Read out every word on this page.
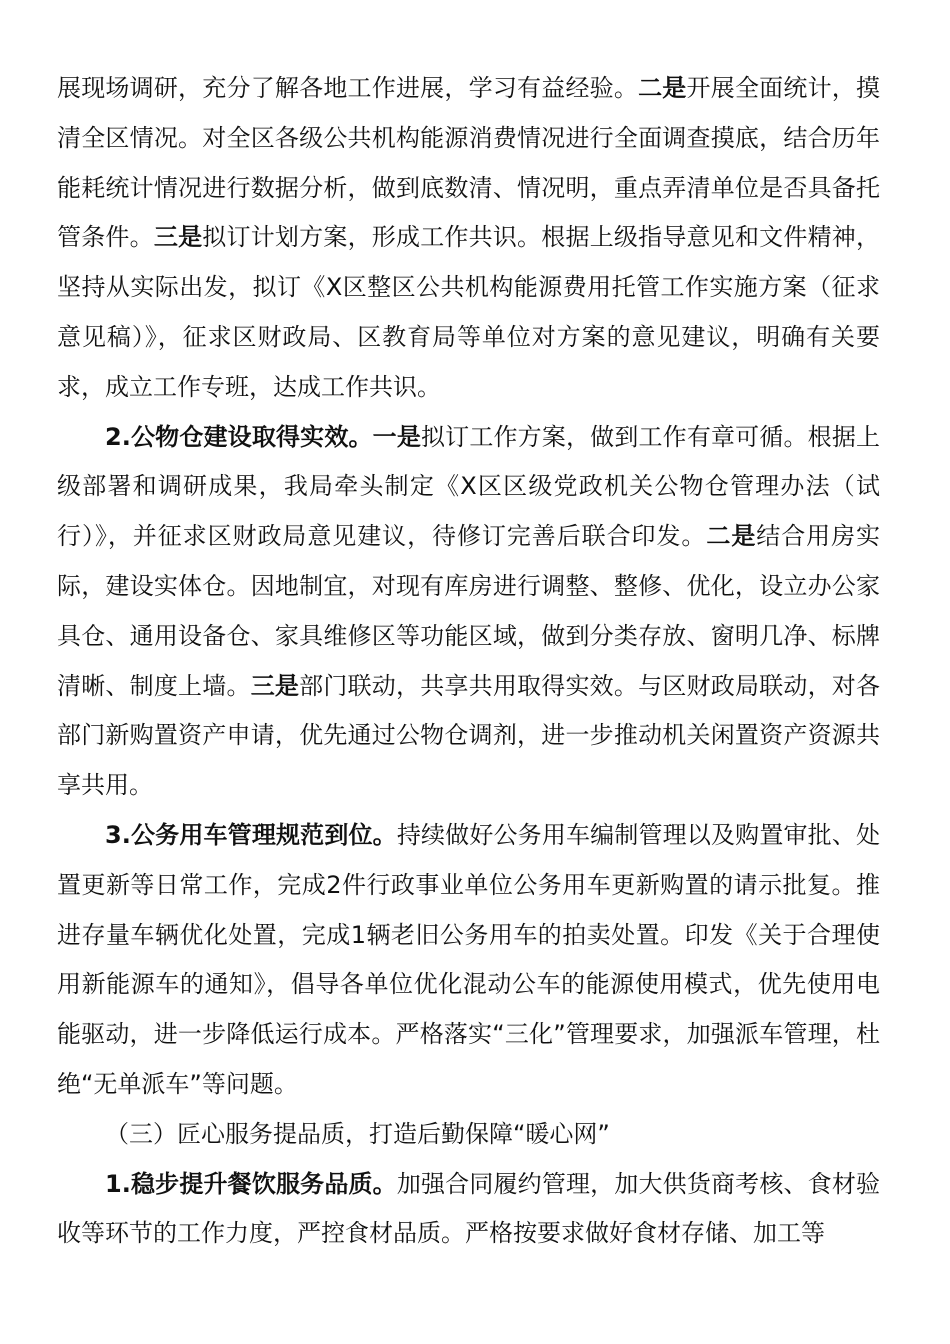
展现场调研，充分了解各地工作进展，学习有益经验。二是开展全面统计，摸清全区情况。对全区各级公共机构能源消费情况进行全面调查摸底，结合历年能耗统计情况进行数据分析，做到底数清、情况明，重点弄清单位是否具备托管条件。三是拟订计划方案，形成工作共识。根据上级指导意见和文件精神，坚持从实际出发，拟订《X区整区公共机构能源费用托管工作实施方案（征求意见稿）》，征求区财政局、区教育局等单位对方案的意见建议，明确有关要求，成立工作专班，达成工作共识。

2.公物仓建设取得实效。一是拟订工作方案，做到工作有章可循。根据上级部署和调研成果，我局牵头制定《X区区级党政机关公物仓管理办法（试行）》，并征求区财政局意见建议，待修订完善后联合印发。二是结合用房实际，建设实体仓。因地制宜，对现有库房进行调整、整修、优化，设立办公家具仓、通用设备仓、家具维修区等功能区域，做到分类存放、窗明几净、标牌清晰、制度上墙。三是部门联动，共享共用取得实效。与区财政局联动，对各部门新购置资产申请，优先通过公物仓调剂，进一步推动机关闲置资产资源共享共用。

3.公务用车管理规范到位。持续做好公务用车编制管理以及购置审批、处置更新等日常工作，完成2件行政事业单位公务用车更新购置的请示批复。推进存量车辆优化处置，完成1辆老旧公务用车的拍卖处置。印发《关于合理使用新能源车的通知》，倡导各单位优化混动公车的能源使用模式，优先使用电能驱动，进一步降低运行成本。严格落实“三化”管理要求，加强派车管理，杜绝“无单派车”等问题。

（三）匠心服务提品质，打造后勤保障“暖心网”

1.稳步提升餐饮服务品质。加强合同履约管理，加大供货商考核、食材验收等环节的工作力度，严控食材品质。严格按要求做好食材存储、加工等
